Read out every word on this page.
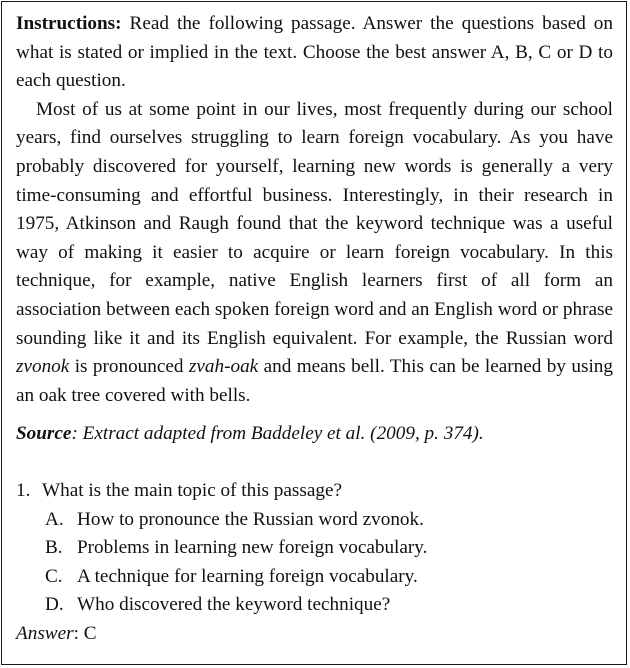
Instructions: Read the following passage. Answer the questions based on what is stated or implied in the text. Choose the best answer A, B, C or D to each question.

Most of us at some point in our lives, most frequently during our school years, find ourselves struggling to learn foreign vocabulary. As you have probably discovered for yourself, learning new words is generally a very time-consuming and effortful business. Interestingly, in their research in 1975, Atkinson and Raugh found that the keyword technique was a useful way of making it easier to acquire or learn foreign vocabulary. In this technique, for example, native English learners first of all form an association between each spoken foreign word and an English word or phrase sounding like it and its English equivalent. For example, the Russian word zvonok is pronounced zvah-oak and means bell. This can be learned by using an oak tree covered with bells.

Source: Extract adapted from Baddeley et al. (2009, p. 374).

1. What is the main topic of this passage?
A. How to pronounce the Russian word zvonok.
B. Problems in learning new foreign vocabulary.
C. A technique for learning foreign vocabulary.
D. Who discovered the keyword technique?

Answer: C
